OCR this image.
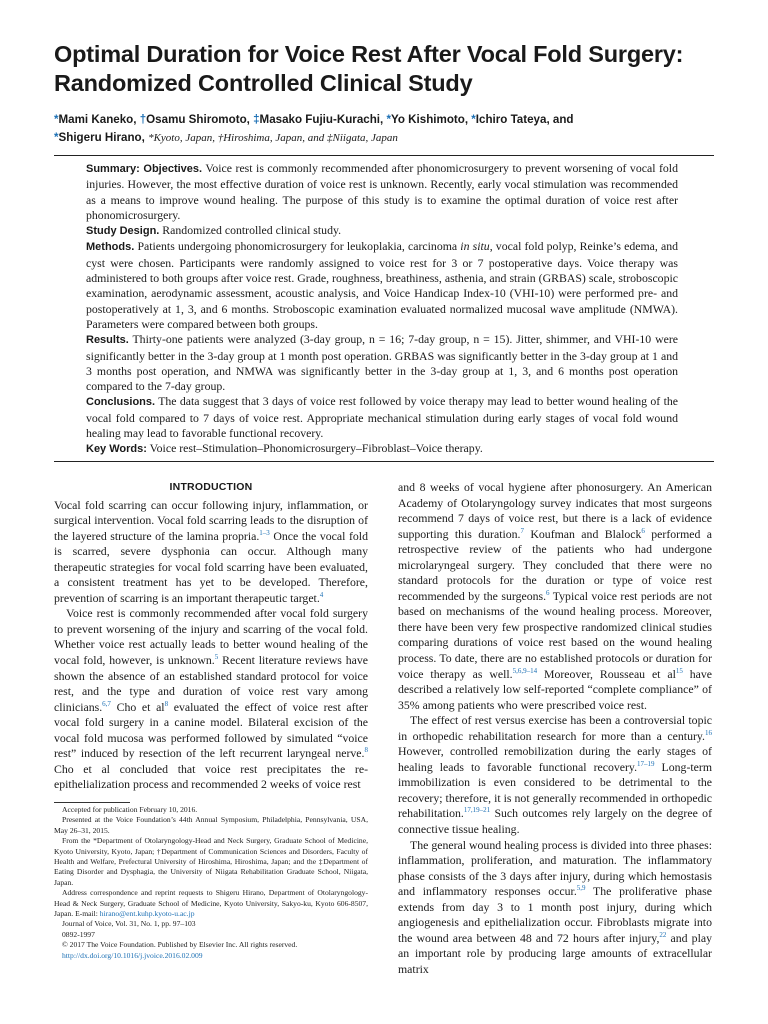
Optimal Duration for Voice Rest After Vocal Fold Surgery: Randomized Controlled Clinical Study
*Mami Kaneko, †Osamu Shiromoto, ‡Masako Fujiu-Kurachi, *Yo Kishimoto, *Ichiro Tateya, and
*Shigeru Hirano, *Kyoto, Japan, †Hiroshima, Japan, and ‡Niigata, Japan

Summary: Objectives. Voice rest is commonly recommended after phonomicrosurgery to prevent worsening of vocal fold injuries. However, the most effective duration of voice rest is unknown. Recently, early vocal stimulation was recommended as a means to improve wound healing. The purpose of this study is to examine the optimal duration of voice rest after phonomicrosurgery.

Study Design. Randomized controlled clinical study.

Methods. Patients undergoing phonomicrosurgery for leukoplakia, carcinoma in situ, vocal fold polyp, Reinke’s edema, and cyst were chosen. Participants were randomly assigned to voice rest for 3 or 7 postoperative days. Voice therapy was administered to both groups after voice rest. Grade, roughness, breathiness, asthenia, and strain (GRBAS) scale, stroboscopic examination, aerodynamic assessment, acoustic analysis, and Voice Handicap Index-10 (VHI-10) were performed pre- and postoperatively at 1, 3, and 6 months. Stroboscopic examination evaluated normalized mucosal wave amplitude (NMWA). Parameters were compared between both groups.

Results. Thirty-one patients were analyzed (3-day group, n = 16; 7-day group, n = 15). Jitter, shimmer, and VHI-10 were significantly better in the 3-day group at 1 month post operation. GRBAS was significantly better in the 3-day group at 1 and 3 months post operation, and NMWA was significantly better in the 3-day group at 1, 3, and 6 months post operation compared to the 7-day group.

Conclusions. The data suggest that 3 days of voice rest followed by voice therapy may lead to better wound healing of the vocal fold compared to 7 days of voice rest. Appropriate mechanical stimulation during early stages of vocal fold wound healing may lead to favorable functional recovery.

Key Words: Voice rest–Stimulation–Phonomicrosurgery–Fibroblast–Voice therapy.

INTRODUCTION

Vocal fold scarring can occur following injury, inflammation, or surgical intervention. Vocal fold scarring leads to the disruption of the layered structure of the lamina propria.$^{1-3}$ Once the vocal fold is scarred, severe dysphonia can occur. Although many therapeutic strategies for vocal fold scarring have been evaluated, a consistent treatment has yet to be developed. Therefore, prevention of scarring is an important therapeutic target.$^4$

Voice rest is commonly recommended after vocal fold surgery to prevent worsening of the injury and scarring of the vocal fold. Whether voice rest actually leads to better wound healing of the vocal fold, however, is unknown.$^5$ Recent literature reviews have shown the absence of an established standard protocol for voice rest, and the type and duration of voice rest vary among clinicians.$^{6,7}$ Cho et al$^8$ evaluated the effect of voice rest after vocal fold surgery in a canine model. Bilateral excision of the vocal fold mucosa was performed followed by simulated “voice rest” induced by resection of the left recurrent laryngeal nerve.$^8$ Cho et al concluded that voice rest precipitates the re-epithelialization process and recommended 2 weeks of voice rest

Accepted for publication February 10, 2016.

Presented at the Voice Foundation’s 44th Annual Symposium, Philadelphia, Pennsylvania, USA, May 26–31, 2015.

From the *Department of Otolaryngology-Head and Neck Surgery, Graduate School of Medicine, Kyoto University, Kyoto, Japan; †Department of Communication Sciences and Disorders, Faculty of Health and Welfare, Prefectural University of Hiroshima, Hiroshima, Japan; and the ‡Department of Eating Disorder and Dysphagia, the University of Niigata Rehabilitation Graduate School, Niigata, Japan.

Address correspondence and reprint requests to Shigeru Hirano, Department of Otolaryngology-Head & Neck Surgery, Graduate School of Medicine, Kyoto University, Sakyo-ku, Kyoto 606-8507, Japan. E-mail: hirano@ent.kuhp.kyoto-u.ac.jp

Journal of Voice, Vol. 31, No. 1, pp. 97–103

0892-1997

© 2017 The Voice Foundation. Published by Elsevier Inc. All rights reserved.

http://dx.doi.org/10.1016/j.jvoice.2016.02.009

and 8 weeks of vocal hygiene after phonosurgery. An American Academy of Otolaryngology survey indicates that most surgeons recommend 7 days of voice rest, but there is a lack of evidence supporting this duration.$^7$ Koufman and Blalock$^6$ performed a retrospective review of the patients who had undergone microlaryngeal surgery. They concluded that there were no standard protocols for the duration or type of voice rest recommended by the surgeons.$^6$ Typical voice rest periods are not based on mechanisms of the wound healing process. Moreover, there have been very few prospective randomized clinical studies comparing durations of voice rest based on the wound healing process. To date, there are no established protocols or duration for voice therapy as well.$^{5,6,9-14}$ Moreover, Rousseau et al$^{15}$ have described a relatively low self-reported “complete compliance” of 35% among patients who were prescribed voice rest.

The effect of rest versus exercise has been a controversial topic in orthopedic rehabilitation research for more than a century.$^{16}$ However, controlled remobilization during the early stages of healing leads to favorable functional recovery.$^{17-19}$ Long-term immobilization is even considered to be detrimental to the recovery; therefore, it is not generally recommended in orthopedic rehabilitation.$^{17,19-21}$ Such outcomes rely largely on the degree of connective tissue healing.

The general wound healing process is divided into three phases: inflammation, proliferation, and maturation. The inflammatory phase consists of the 3 days after injury, during which hemostasis and inflammatory responses occur.$^{5,9}$ The proliferative phase extends from day 3 to 1 month post injury, during which angiogenesis and epithelialization occur. Fibroblasts migrate into the wound area between 48 and 72 hours after injury,$^{22}$ and play an important role by producing large amounts of extracellular matrix
